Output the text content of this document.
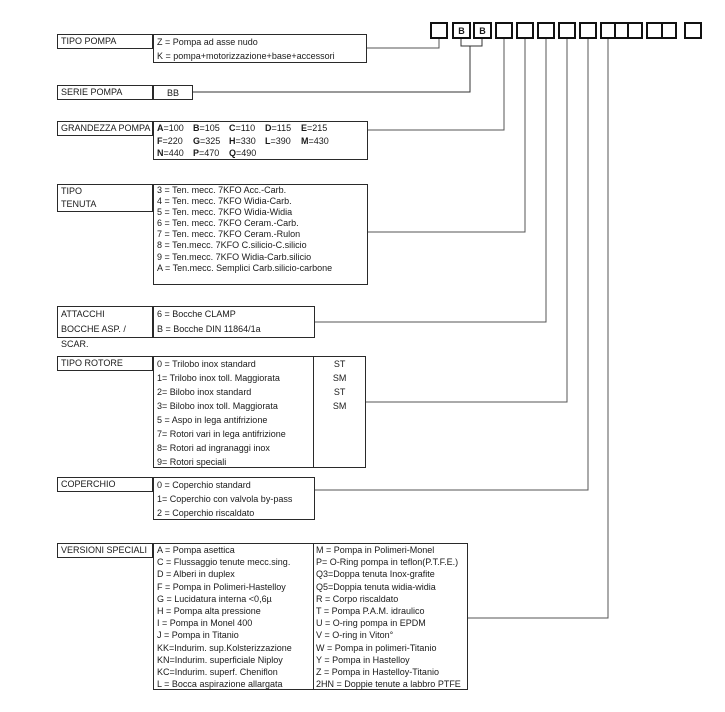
B	B
TIPO POMPA	Z = Pompa ad asse nudo
K = pompa+motorizzazione+base+accessori
SERIE POMPA	BB
GRANDEZZA POMPA A=100	B=105	C=110	D=115	E=215
F=220	G=325 H=330	L=390	M=430
N=440	P=470	Q=490
TIPO
TENUTA
3 = Ten. mecc. 7KFO Acc.-Carb.
4 = Ten. mecc. 7KFO Widia-Carb.
5 = Ten. mecc. 7KFO Widia-Widia
6 = Ten. mecc. 7KFO Ceram.-Carb.
7 = Ten. mecc. 7KFO Ceram.-Rulon
8 = Ten.mecc. 7KFO C.silicio-C.silicio
9 = Ten.mecc. 7KFO Widia-Carb.silicio
A = Ten.mecc. Semplici Carb.silicio-carbone
ATTACCHI
BOCCHE ASP. / SCAR.
6 = Bocche CLAMP
B = Bocche DIN 11864/1a
TIPO ROTORE	0 = Trilobo inox standard	ST
1= Trilobo inox toll. Maggiorata	SM
2= Bilobo inox standard	ST
3= Bilobo inox toll. Maggiorata	SM
5 = Aspo in lega antifrizione
7= Rotori vari in lega antifrizione
8= Rotori ad ingranaggi inox
9= Rotori speciali
COPERCHIO	0 = Coperchio standard
1= Coperchio con valvola by-pass
2 = Coperchio riscaldato
VERSIONI SPECIALI	A = Pompa asettica
C = Flussaggio tenute mecc.sing.
D = Alberi in duplex
F = Pompa in Polimeri-Hastelloy
G = Lucidatura interna <0,6µ
H = Pompa alta pressione
I = Pompa in Monel 400
J = Pompa in Titanio
KK=Indurim. sup.Kolsterizzazione
KN=Indurim. superficiale Niploy
KC=Indurim. superf. Cheniflon
L = Bocca aspirazione allargata
M = Pompa in Polimeri-Monel
P= O-Ring pompa in teflon(P.T.F.E.)
Q3=Doppa tenuta Inox-grafite
Q5=Doppia tenuta widia-widia
R = Corpo riscaldato
T = Pompa P.A.M. idraulico
U = O-ring pompa in EPDM
V = O-ring in Viton°
W = Pompa in polimeri-Titanio
Y = Pompa in Hastelloy
Z = Pompa in Hastelloy-Titanio
2HN = Doppie tenute a labbro PTFE
